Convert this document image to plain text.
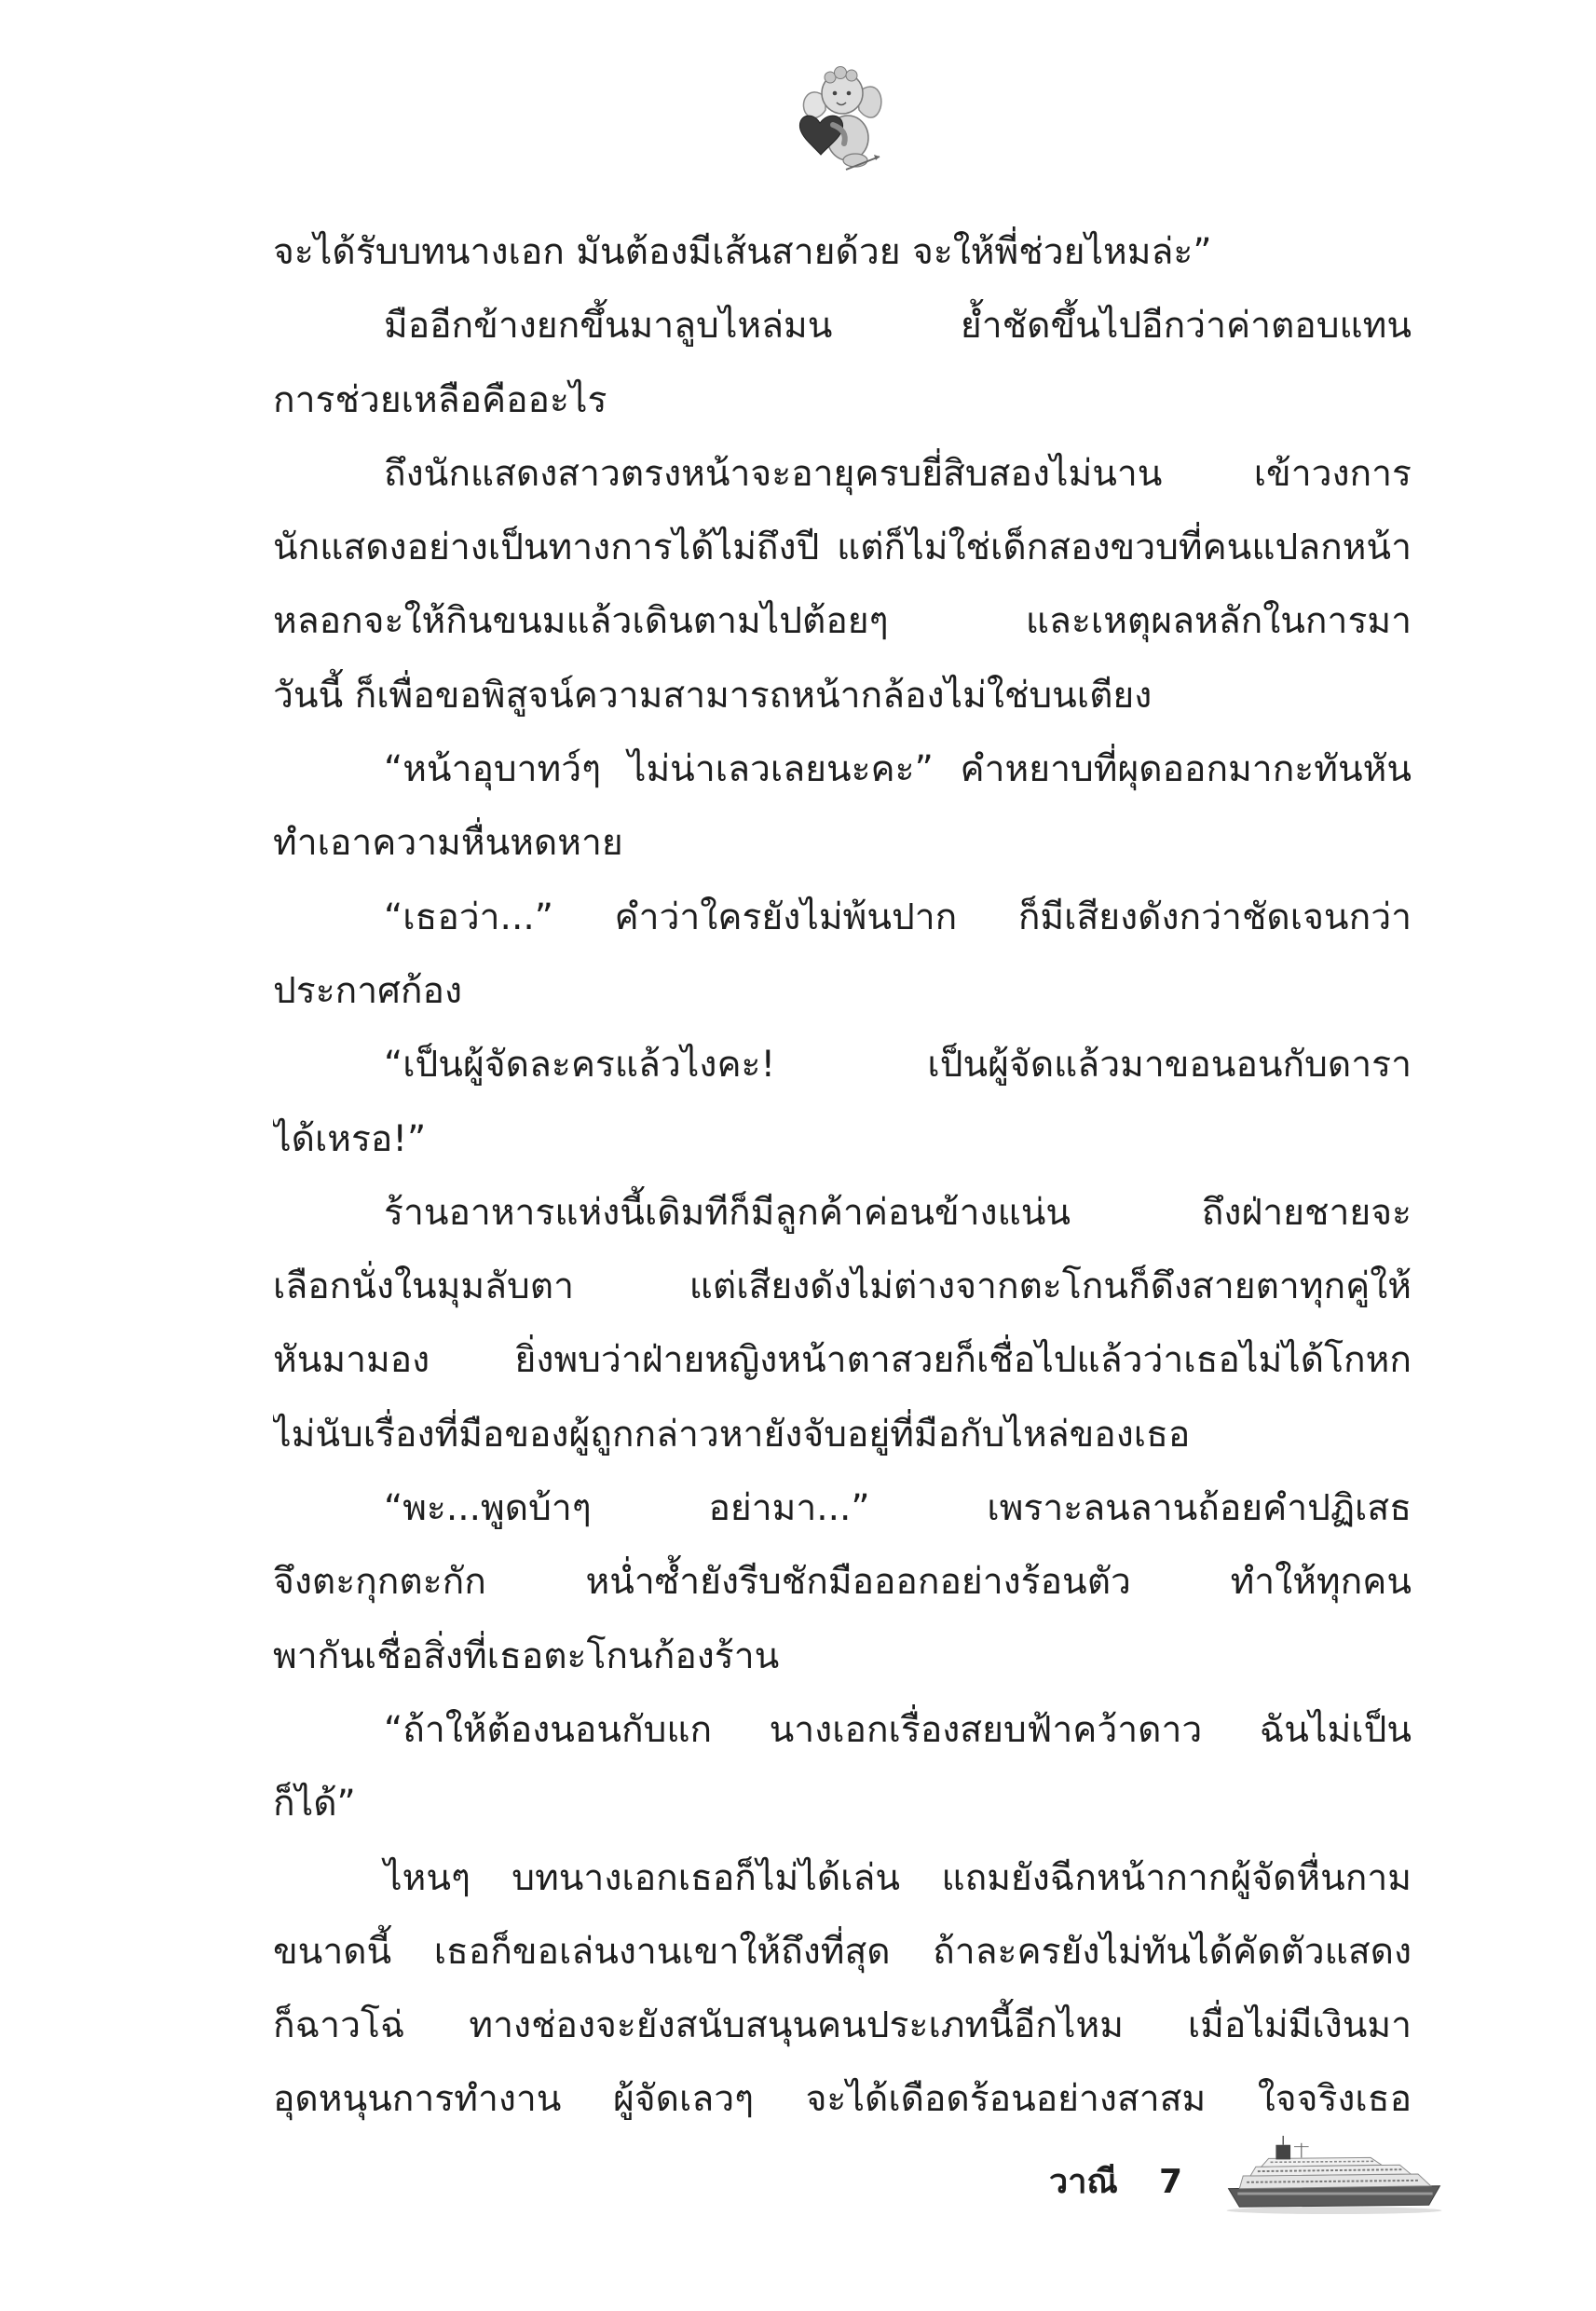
จะได้รับบทนางเอก มันต้องมีเส้นสายด้วย จะให้พี่ช่วยไหมล่ะ”
มืออีกข้างยกขึ้นมาลูบไหล่มน ย้ำชัดขึ้นไปอีกว่าค่าตอบแทน
การช่วยเหลือคืออะไร
ถึงนักแสดงสาวตรงหน้าจะอายุครบยี่สิบสองไม่นาน เข้าวงการ
นักแสดงอย่างเป็นทางการได้ไม่ถึงปี แต่ก็ไม่ใช่เด็กสองขวบที่คนแปลกหน้า
หลอกจะให้กินขนมแล้วเดินตามไปต้อยๆ และเหตุผลหลักในการมา
วันนี้ ก็เพื่อขอพิสูจน์ความสามารถหน้ากล้องไม่ใช่บนเตียง
“หน้าอุบาทว์ๆ ไม่น่าเลวเลยนะคะ” คำหยาบที่ผุดออกมากะทันหัน
ทำเอาความหื่นหดหาย
“เธอว่า...” คำว่าใครยังไม่พ้นปาก ก็มีเสียงดังกว่าชัดเจนกว่า
ประกาศก้อง
“เป็นผู้จัดละครแล้วไงคะ! เป็นผู้จัดแล้วมาขอนอนกับดารา
ได้เหรอ!”
ร้านอาหารแห่งนี้เดิมทีก็มีลูกค้าค่อนข้างแน่น ถึงฝ่ายชายจะ
เลือกนั่งในมุมลับตา แต่เสียงดังไม่ต่างจากตะโกนก็ดึงสายตาทุกคู่ให้
หันมามอง ยิ่งพบว่าฝ่ายหญิงหน้าตาสวยก็เชื่อไปแล้วว่าเธอไม่ได้โกหก
ไม่นับเรื่องที่มือของผู้ถูกกล่าวหายังจับอยู่ที่มือกับไหล่ของเธอ
“พะ...พูดบ้าๆ อย่ามา...” เพราะลนลานถ้อยคำปฏิเสธ
จึงตะกุกตะกัก หน่ำซ้ำยังรีบชักมือออกอย่างร้อนตัว ทำให้ทุกคน
พากันเชื่อสิ่งที่เธอตะโกนก้องร้าน
“ถ้าให้ต้องนอนกับแก นางเอกเรื่องสยบฟ้าคว้าดาว ฉันไม่เป็น
ก็ได้”
ไหนๆ บทนางเอกเธอก็ไม่ได้เล่น แถมยังฉีกหน้ากากผู้จัดหื่นกาม
ขนาดนี้ เธอก็ขอเล่นงานเขาให้ถึงที่สุด ถ้าละครยังไม่ทันได้คัดตัวแสดง
ก็ฉาวโฉ่ ทางช่องจะยังสนับสนุนคนประเภทนี้อีกไหม เมื่อไม่มีเงินมา
อุดหนุนการทำงาน ผู้จัดเลวๆ จะได้เดือดร้อนอย่างสาสม ใจจริงเธอ
วาณี 7
